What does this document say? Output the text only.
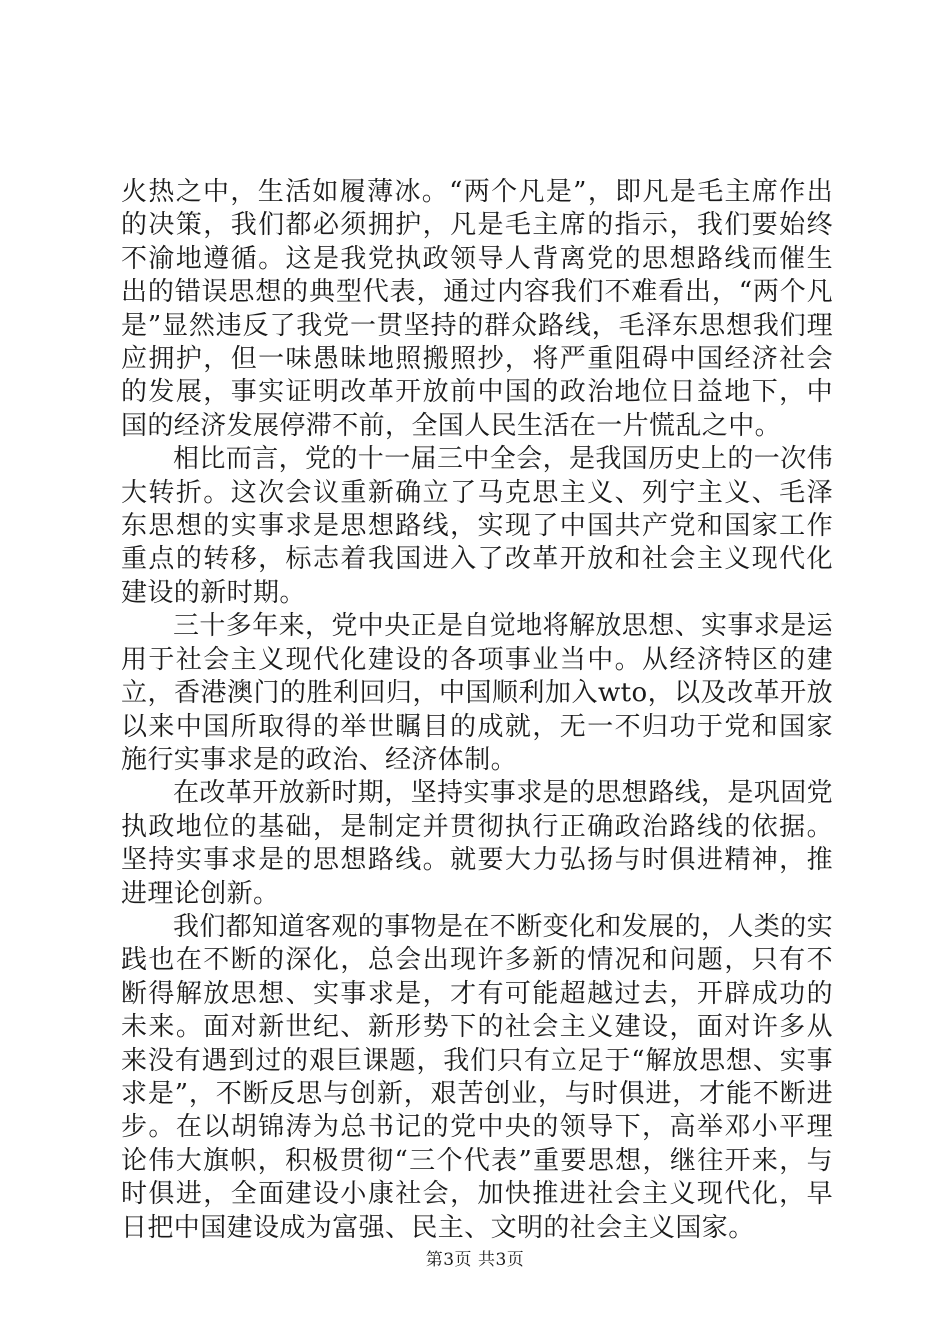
火热之中，生活如履薄冰。“两个凡是”，即凡是毛主席作出的决策，我们都必须拥护，凡是毛主席的指示，我们要始终不渝地遵循。这是我党执政领导人背离党的思想路线而催生出的错误思想的典型代表，通过内容我们不难看出，“两个凡是”显然违反了我党一贯坚持的群众路线，毛泽东思想我们理应拥护，但一味愚昧地照搬照抄，将严重阻碍中国经济社会的发展，事实证明改革开放前中国的政治地位日益地下，中国的经济发展停滞不前，全国人民生活在一片慌乱之中。

相比而言，党的十一届三中全会，是我国历史上的一次伟大转折。这次会议重新确立了马克思主义、列宁主义、毛泽东思想的实事求是思想路线，实现了中国共产党和国家工作重点的转移，标志着我国进入了改革开放和社会主义现代化建设的新时期。

三十多年来，党中央正是自觉地将解放思想、实事求是运用于社会主义现代化建设的各项事业当中。从经济特区的建立，香港澳门的胜利回归，中国顺利加入wto，以及改革开放以来中国所取得的举世瞩目的成就，无一不归功于党和国家施行实事求是的政治、经济体制。

在改革开放新时期，坚持实事求是的思想路线，是巩固党执政地位的基础，是制定并贯彻执行正确政治路线的依据。坚持实事求是的思想路线。就要大力弘扬与时俱进精神，推进理论创新。

我们都知道客观的事物是在不断变化和发展的，人类的实践也在不断的深化，总会出现许多新的情况和问题，只有不断得解放思想、实事求是，才有可能超越过去，开辟成功的未来。面对新世纪、新形势下的社会主义建设，面对许多从来没有遇到过的艰巨课题，我们只有立足于“解放思想、实事求是”，不断反思与创新，艰苦创业，与时俱进，才能不断进步。在以胡锦涛为总书记的党中央的领导下，高举邓小平理论伟大旗帜，积极贯彻“三个代表”重要思想，继往开来，与时俱进，全面建设小康社会，加快推进社会主义现代化，早日把中国建设成为富强、民主、文明的社会主义国家。

第3页 共3页
